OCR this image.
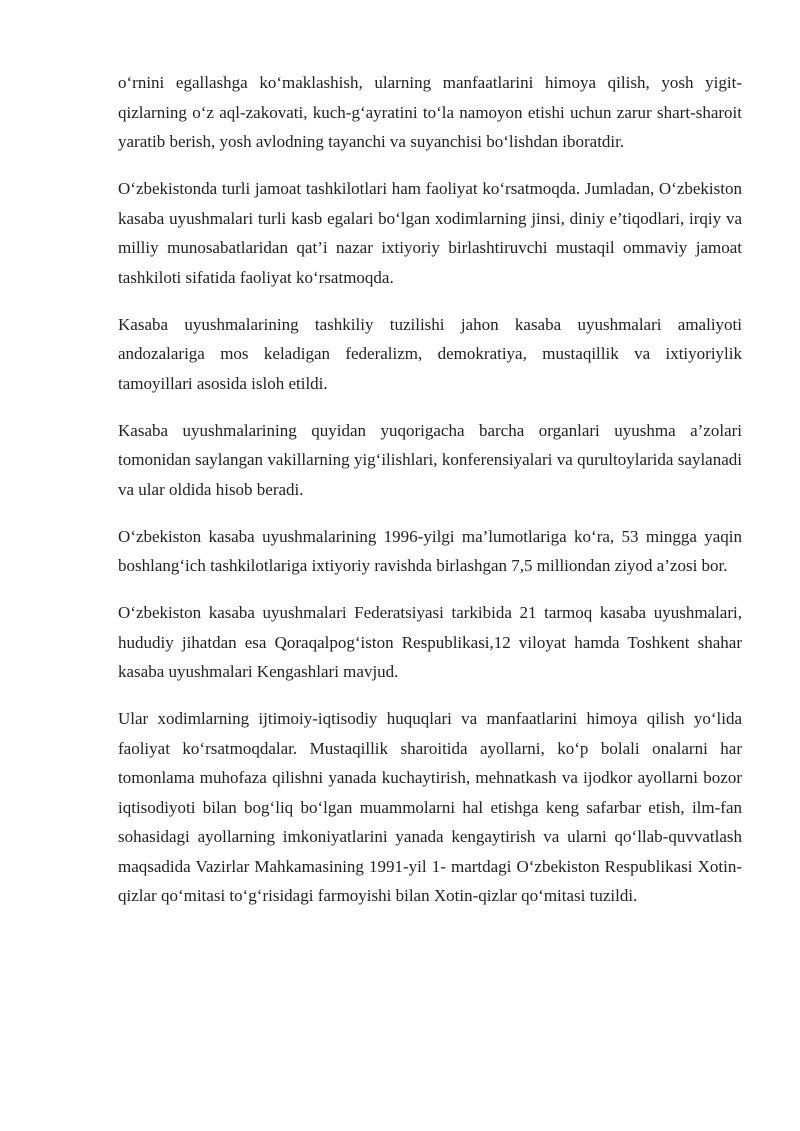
o‘rnini egallashga ko‘maklashish, ularning manfaatlarini himoya qilish, yosh yigit-qizlarning o‘z aql-zakovati, kuch-g‘ayratini to‘la namoyon etishi uchun zarur shart-sharoit yaratib berish, yosh avlodning tayanchi va suyanchisi bo‘lishdan iboratdir.

O‘zbekistonda turli jamoat tashkilotlari ham faoliyat ko‘rsatmoqda. Jumladan, O‘zbekiston kasaba uyushmalari turli kasb egalari bo‘lgan xodimlarning jinsi, diniy e’tiqodlari, irqiy va milliy munosabatlaridan qat’i nazar ixtiyoriy birlashtiruvchi mustaqil ommaviy jamoat tashkiloti sifatida faoliyat ko‘rsatmoqda.

Kasaba uyushmalarining tashkiliy tuzilishi jahon kasaba uyushmalari amaliyoti andozalariga mos keladigan federalizm, demokratiya, mustaqillik va ixtiyoriylik tamoyillari asosida isloh etildi.

Kasaba uyushmalarining quyidan yuqorigacha barcha organlari uyushma a’zolari tomonidan saylangan vakillarning yig‘ilishlari, konferensiyalari va qurultoylarida saylanadi va ular oldida hisob beradi.

O‘zbekiston kasaba uyushmalarining 1996-yilgi ma’lumotlariga ko‘ra, 53 mingga yaqin boshlang‘ich tashkilotlariga ixtiyoriy ravishda birlashgan 7,5 milliondan ziyod a’zosi bor.

O‘zbekiston kasaba uyushmalari Federatsiyasi tarkibida 21 tarmoq kasaba uyushmalari, hududiy jihatdan esa Qoraqalpog‘iston Respublikasi,12 viloyat hamda Toshkent shahar kasaba uyushmalari Kengashlari mavjud.

Ular xodimlarning ijtimoiy-iqtisodiy huquqlari va manfaatlarini himoya qilish yo‘lida faoliyat ko‘rsatmoqdalar. Mustaqillik sharoitida ayollarni, ko‘p bolali onalarni har tomonlama muhofaza qilishni yanada kuchaytirish, mehnatkash va ijodkor ayollarni bozor iqtisodiyoti bilan bog‘liq bo‘lgan muammolarni hal etishga keng safarbar etish, ilm-fan sohasidagi ayollarning imkoniyatlarini yanada kengaytirish va ularni qo‘llab-quvvatlash maqsadida Vazirlar Mahkamasining 1991-yil 1- martdagi O‘zbekiston Respublikasi Xotin-qizlar qo‘mitasi to‘g‘risidagi farmoyishi bilan Xotin-qizlar qo‘mitasi tuzildi.
